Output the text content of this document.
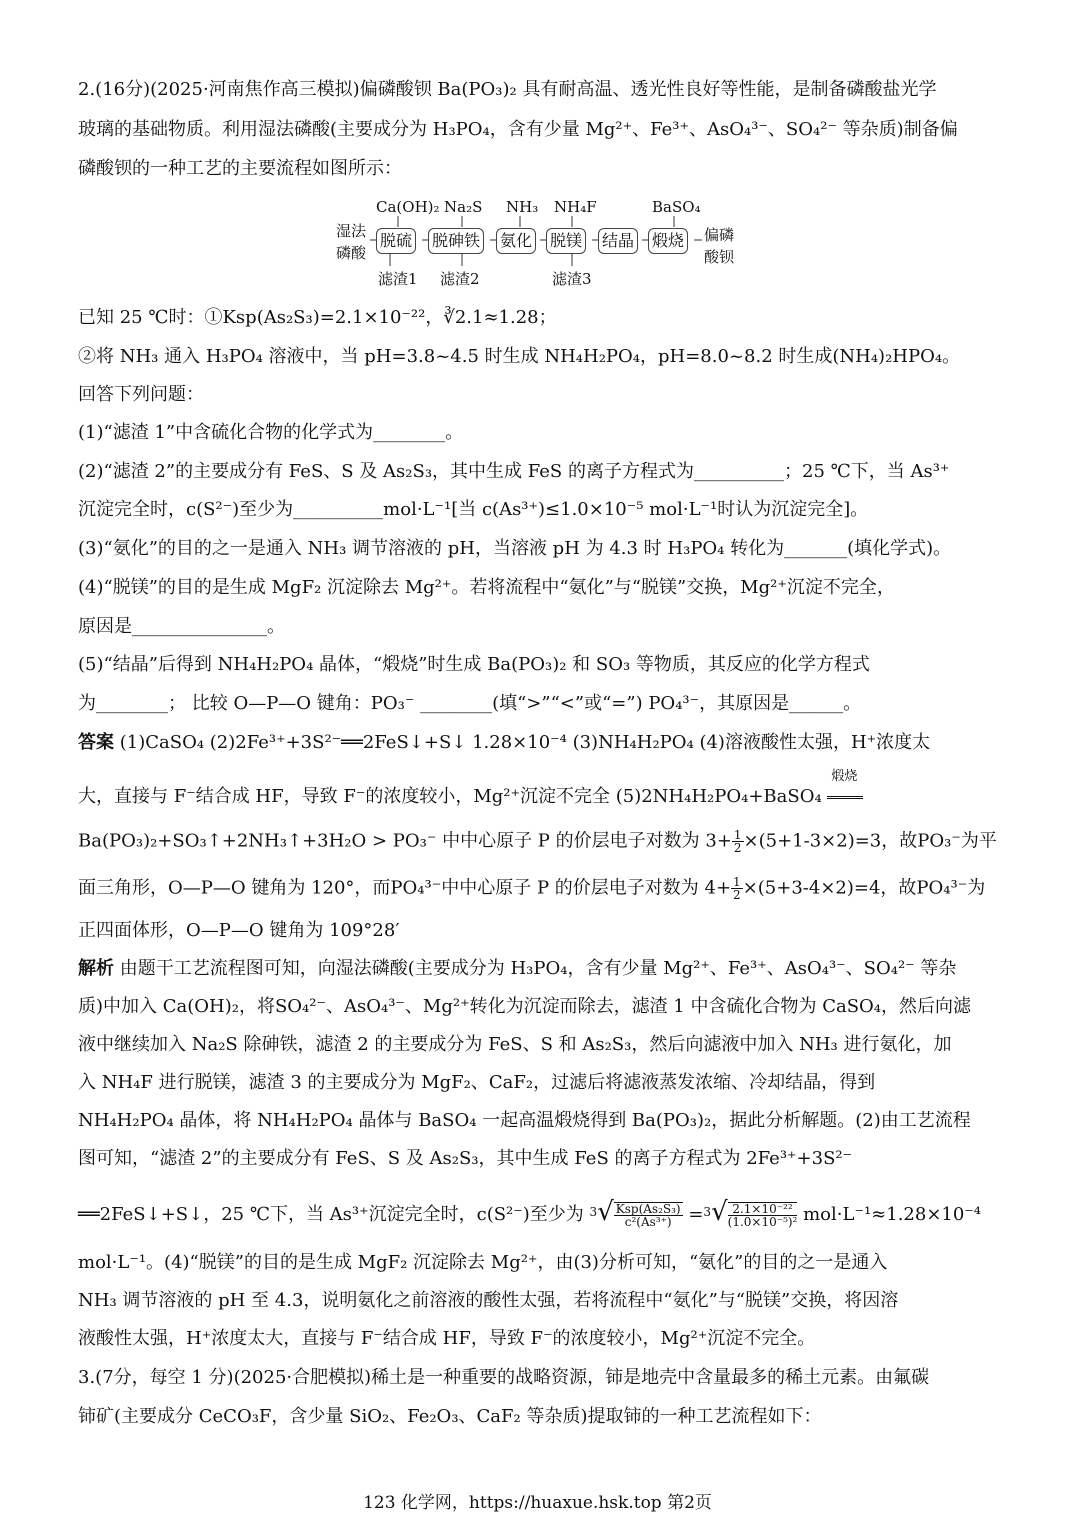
2.(16分)(2025·河南焦作高三模拟)偏磷酸钡 Ba(PO₃)₂ 具有耐高温、透光性良好等性能，是制备磷酸盐光学
玻璃的基础物质。利用湿法磷酸(主要成分为 H₃PO₄，含有少量 Mg²⁺、Fe³⁺、AsO₄³⁻、SO₄²⁻ 等杂质)制备偏
磷酸钡的一种工艺的主要流程如图所示：
湿法
磷酸
脱硫 脱砷铁 氨化 脱镁 结晶 煅烧
Ca(OH)₂ Na₂S NH₃ NH₄F	BaSO₄
滤渣1 滤渣2	滤渣3
偏磷
酸钡
已知 25 ℃时：①Ksp(As₂S₃)=2.1×10⁻²²，∛2.1≈1.28；
②将 NH₃ 通入 H₃PO₄ 溶液中，当 pH=3.8~4.5 时生成 NH₄H₂PO₄，pH=8.0~8.2 时生成(NH₄)₂HPO₄。
回答下列问题：
(1)“滤渣 1”中含硫化合物的化学式为________。
(2)“滤渣 2”的主要成分有 FeS、S 及 As₂S₃，其中生成 FeS 的离子方程式为__________；25 ℃下，当 As³⁺
沉淀完全时，c(S²⁻)至少为__________mol·L⁻¹[当 c(As³⁺)≤1.0×10⁻⁵ mol·L⁻¹时认为沉淀完全]。
(3)“氨化”的目的之一是通入 NH₃ 调节溶液的 pH，当溶液 pH 为 4.3 时 H₃PO₄ 转化为_______(填化学式)。
(4)“脱镁”的目的是生成 MgF₂ 沉淀除去 Mg²⁺。若将流程中“氨化”与“脱镁”交换，Mg²⁺沉淀不完全，
原因是_______________。
(5)“结晶”后得到 NH₄H₂PO₄ 晶体，“煅烧”时生成 Ba(PO₃)₂ 和 SO₃ 等物质，其反应的化学方程式
为________； 比较 O—P—O 键角：PO₃⁻ ________(填“>”“<”或“=”) PO₄³⁻，其原因是______。
答案 (1)CaSO₄ (2)2Fe³⁺+3S²⁻══2FeS↓+S↓ 1.28×10⁻⁴ (3)NH₄H₂PO₄ (4)溶液酸性太强，H⁺浓度太
大，直接与 F⁻结合成 HF，导致 F⁻的浓度较小，Mg²⁺沉淀不完全 (5)2NH₄H₂PO₄+BaSO₄
煅烧
Ba(PO₃)₂+SO₃↑+2NH₃↑+3H₂O > PO₃⁻ 中中心原子 P 的价层电子对数为 $3+ \frac{1}{2} \times(5+1-3\times 2)=3$，故PO₃⁻为平
面三角形，O—P—O 键角为 120°，而PO₄³⁻中中心原子 P 的价层电子对数为 $4+ \frac{1}{2} \times(5+3-4\times 2)=4$，故PO₄³⁻为
正四面体形，O—P—O 键角为 109°28′
解析 由题干工艺流程图可知，向湿法磷酸(主要成分为 H₃PO₄，含有少量 Mg²⁺、Fe³⁺、AsO₄³⁻、SO₄²⁻ 等杂
质)中加入 Ca(OH)₂，将SO₄²⁻、AsO₄³⁻、Mg²⁺转化为沉淀而除去，滤渣 1 中含硫化合物为 CaSO₄，然后向滤
液中继续加入 Na₂S 除砷铁，滤渣 2 的主要成分为 FeS、S 和 As₂S₃，然后向滤液中加入 NH₃ 进行氨化，加
入 NH₄F 进行脱镁，滤渣 3 的主要成分为 MgF₂、CaF₂，过滤后将滤液蒸发浓缩、冷却结晶，得到
NH₄H₂PO₄ 晶体，将 NH₄H₂PO₄ 晶体与 BaSO₄ 一起高温煅烧得到 Ba(PO₃)₂，据此分析解题。(2)由工艺流程
图可知，“滤渣 2”的主要成分有 FeS、S 及 As₂S₃，其中生成 FeS 的离子方程式为 2Fe³⁺+3S²⁻
══2FeS↓+S↓，25 ℃下，当 As³⁺沉淀完全时，c(S²⁻)至少为 $^3√ \frac{\text{Ksp(As₂S₃)}}{\text{c²(As³⁺)}} =^3√ \frac{\text{2.1×10⁻²²}}{\text{(1.0×10⁻⁵)²}} mol\cdot L^{-1}\approx 1.28\times 10^{-4}$
mol·L⁻¹。(4)“脱镁”的目的是生成 MgF₂ 沉淀除去 Mg²⁺，由(3)分析可知，“氨化”的目的之一是通入
NH₃ 调节溶液的 pH 至 4.3，说明氨化之前溶液的酸性太强，若将流程中“氨化”与“脱镁”交换，将因溶
液酸性太强，H⁺浓度太大，直接与 F⁻结合成 HF，导致 F⁻的浓度较小，Mg²⁺沉淀不完全。
3.(7分，每空 1 分)(2025·合肥模拟)稀土是一种重要的战略资源，铈是地壳中含量最多的稀土元素。由氟碳
铈矿(主要成分 CeCO₃F，含少量 SiO₂、Fe₂O₃、CaF₂ 等杂质)提取铈的一种工艺流程如下：
123 化学网，https://huaxue.hsk.top 第2页
